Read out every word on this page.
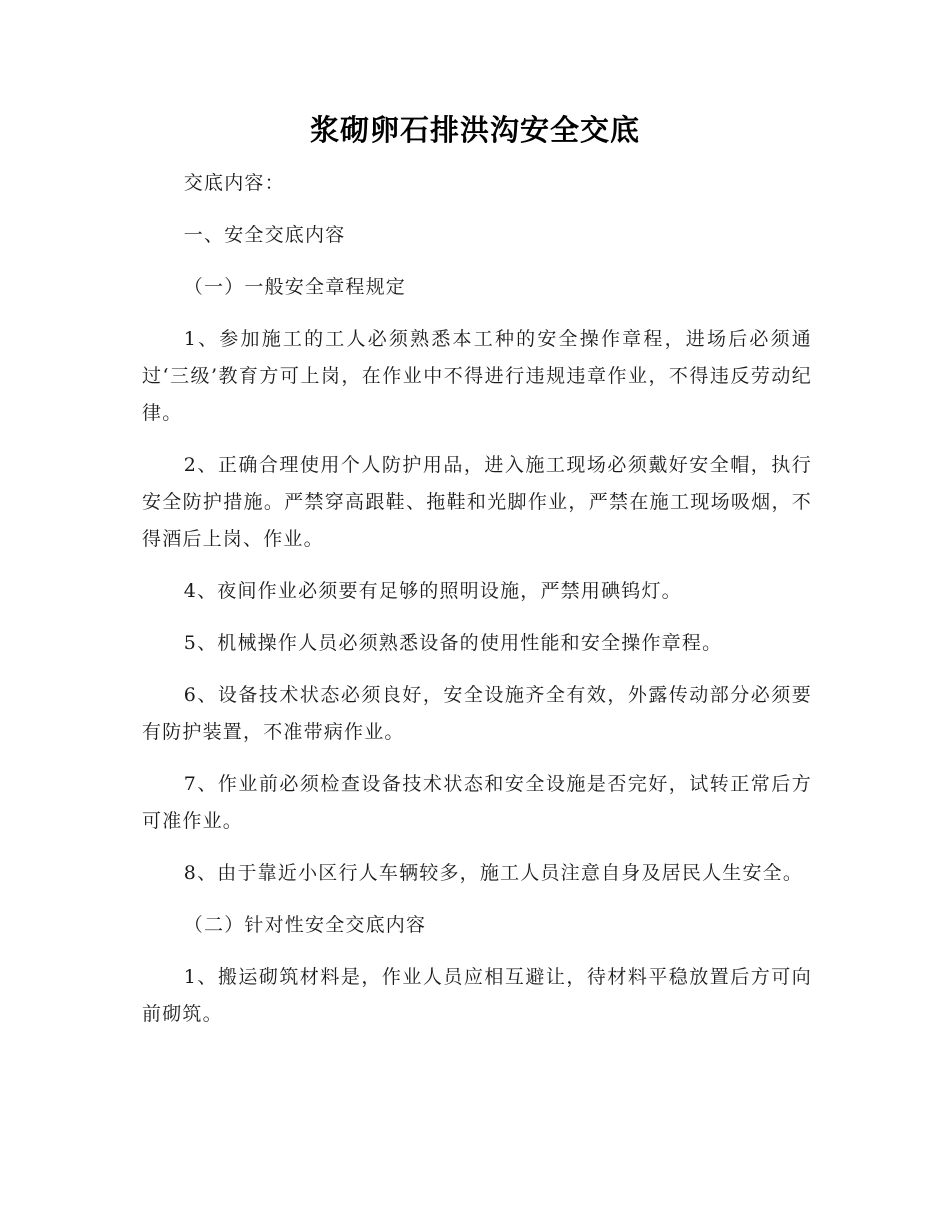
浆砌卵石排洪沟安全交底

交底内容：

一、安全交底内容

（一）一般安全章程规定

1、参加施工的工人必须熟悉本工种的安全操作章程，进场后必须通过‘三级’教育方可上岗，在作业中不得进行违规违章作业，不得违反劳动纪律。

2、正确合理使用个人防护用品，进入施工现场必须戴好安全帽，执行安全防护措施。严禁穿高跟鞋、拖鞋和光脚作业，严禁在施工现场吸烟，不得酒后上岗、作业。

4、夜间作业必须要有足够的照明设施，严禁用碘钨灯。

5、机械操作人员必须熟悉设备的使用性能和安全操作章程。

6、设备技术状态必须良好，安全设施齐全有效，外露传动部分必须要有防护装置，不准带病作业。

7、作业前必须检查设备技术状态和安全设施是否完好，试转正常后方可准作业。

8、由于靠近小区行人车辆较多，施工人员注意自身及居民人生安全。

（二）针对性安全交底内容

1、搬运砌筑材料是，作业人员应相互避让，待材料平稳放置后方可向前砌筑。
